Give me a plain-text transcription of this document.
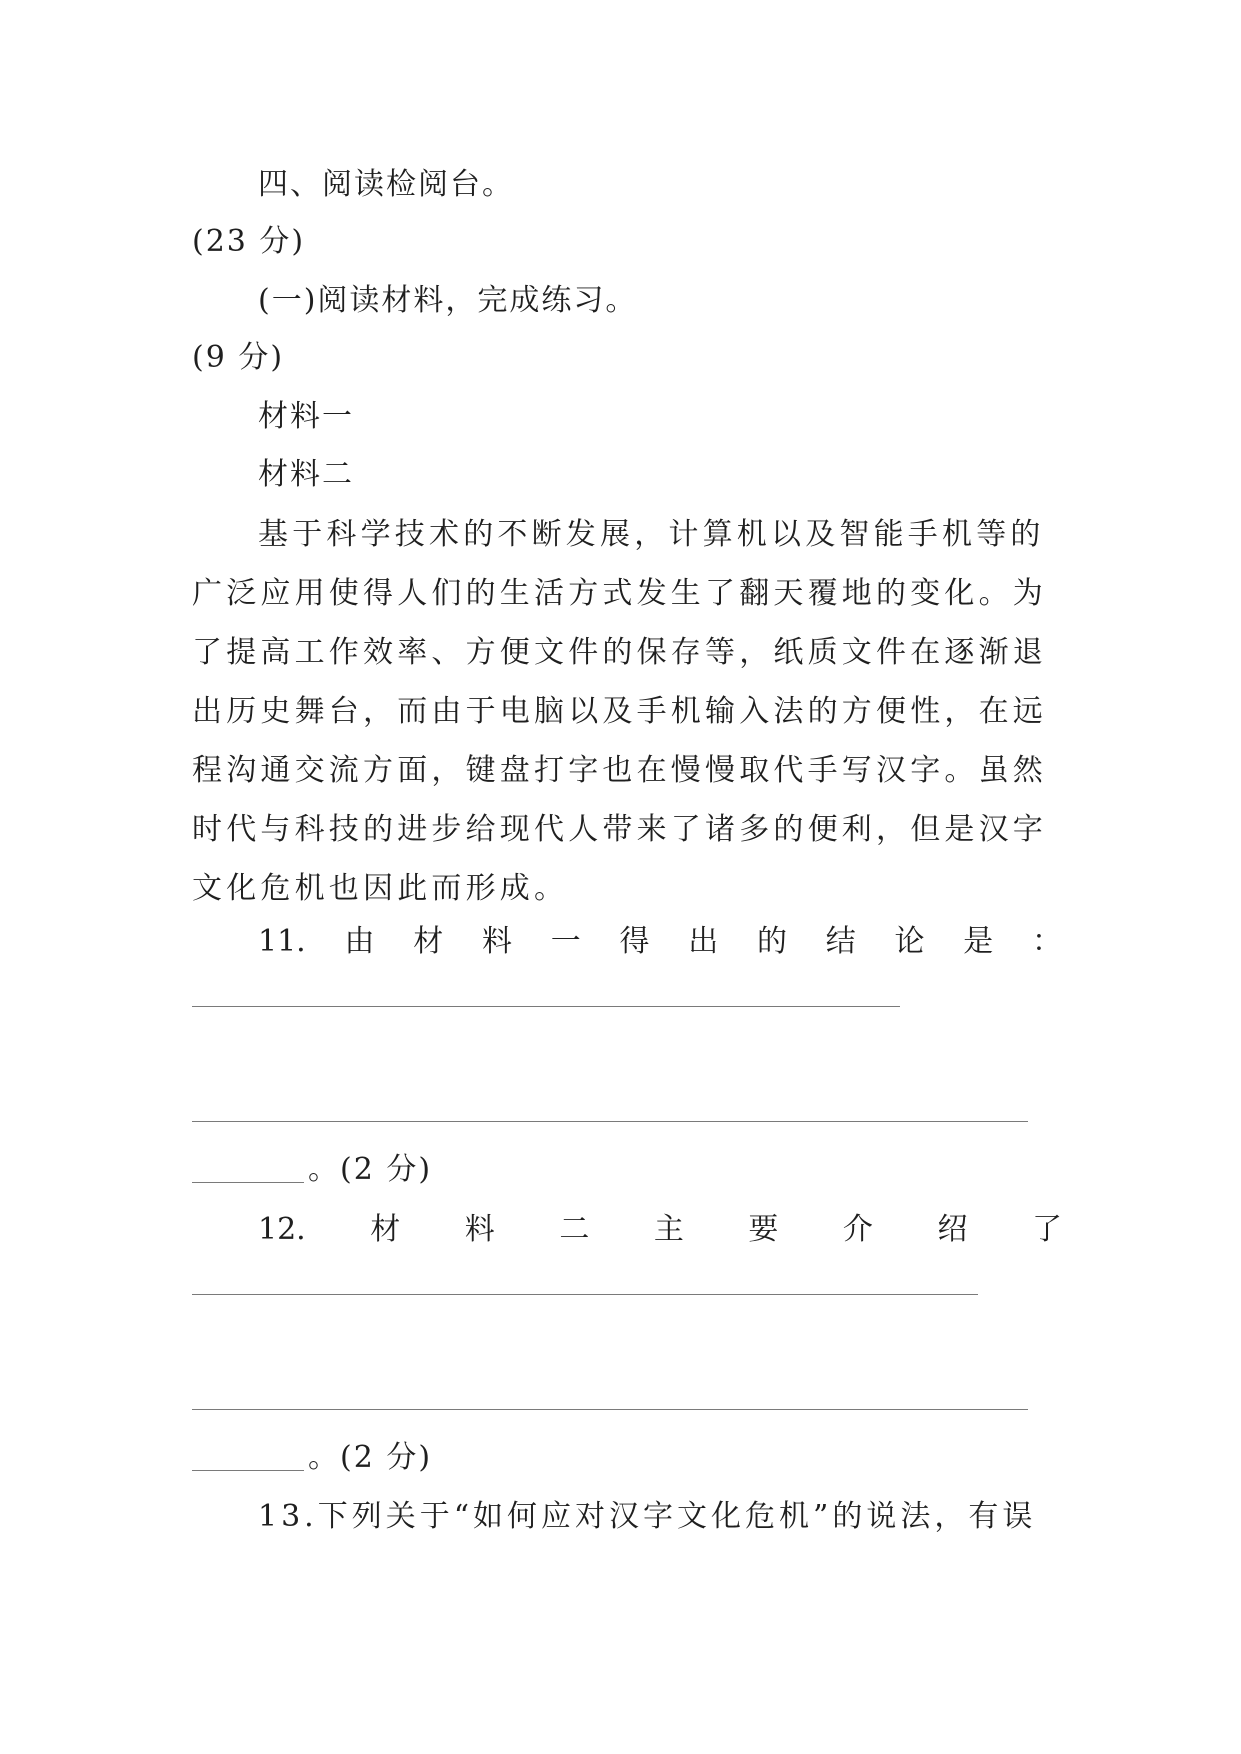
四、阅读检阅台。
(23 分)
(一)阅读材料，完成练习。
(9 分)
材料一
材料二
基于科学技术的不断发展，计算机以及智能手机等的广泛应用使得人们的生活方式发生了翻天覆地的变化。为了提高工作效率、方便文件的保存等，纸质文件在逐渐退出历史舞台，而由于电脑以及手机输入法的方便性，在远程沟通交流方面，键盘打字也在慢慢取代手写汉字。虽然时代与科技的进步给现代人带来了诸多的便利，但是汉字文化危机也因此而形成。
11. 由 材 料 一 得 出 的 结 论 是 ：
。(2 分)
12. 材 料 二 主 要 介 绍 了
。(2 分)
13.下列关于“如何应对汉字文化危机”的说法，有误
